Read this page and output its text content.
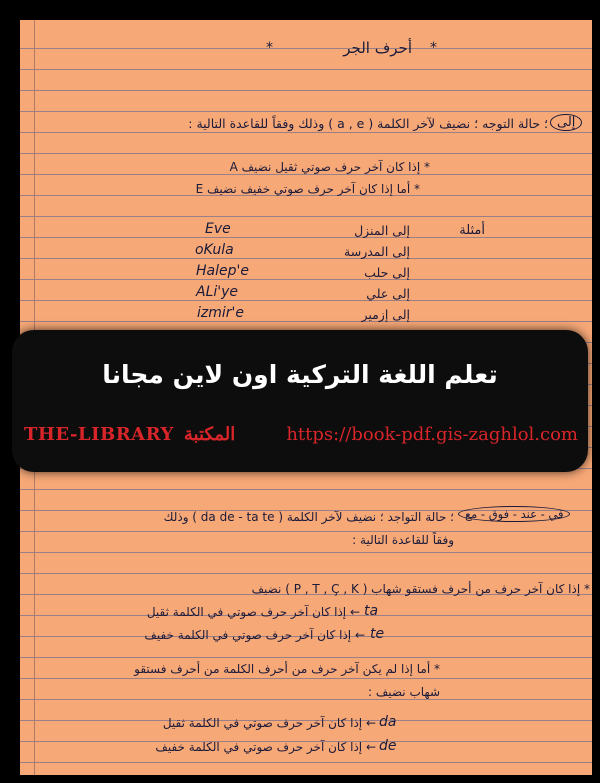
*	أحرف الجر *
إلى
؛ حالة التوجه ؛ نضيف لآخر الكلمة ( a , e ) وذلك وفقاً للقاعدة التالية :
* إذا كان آخر حرف صوتي ثقيل نضيف A
* أما إذا كان آخر حرف صوتي خفيف نضيف E
أمثلة
إلى المنزل
Eve
إلى المدرسة
oKula
إلى حلب
Halep'e
إلى علي
ALi'ye
إلى إزمير
izmir'e
في - عند - فوق - مع
؛ حالة التواجد ؛ نضيف لآخر الكلمة ( da de - ta te ) وذلك
وفقاً للقاعدة التالية :
* إذا كان آخر حرف من أحرف فستقو شهاب ( P , T , Ç , K ) نضيف
ta
← إذا كان آخر حرف صوتي في الكلمة ثقيل
te
← إذا كان آخر حرف صوتي في الكلمة خفيف
* أما إذا لم يكن آخر حرف من أحرف الكلمة من أحرف فستقو
شهاب نضيف :
da
← إذا كان آخر حرف صوتي في الكلمة ثقيل
de
← إذا كان آخر حرف صوتي في الكلمة خفيف
تعلم اللغة التركية اون لاين مجانا
THE-LIBRARY المكتبة	https://book-pdf.gis-zaghlol.com
